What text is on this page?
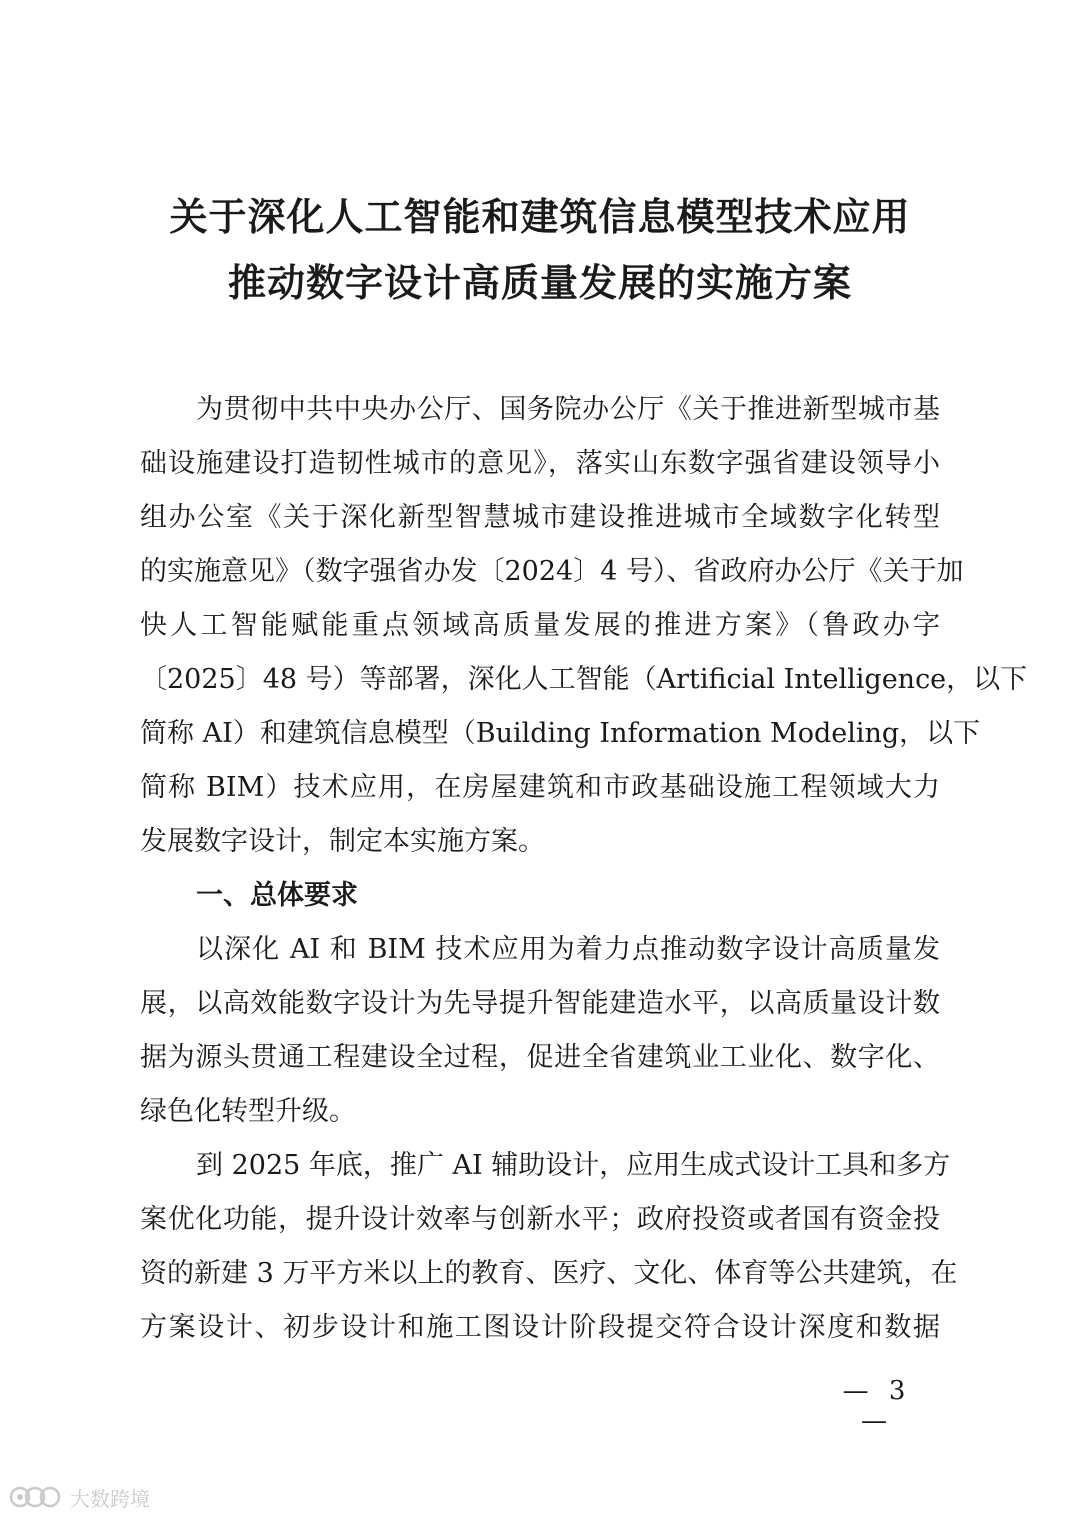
关于深化人工智能和建筑信息模型技术应用
推动数字设计高质量发展的实施方案
为贯彻中共中央办公厅、国务院办公厅《关于推进新型城市基
础设施建设打造韧性城市的意见》，落实山东数字强省建设领导小
组办公室《关于深化新型智慧城市建设推进城市全域数字化转型
的实施意见》（数字强省办发〔2024〕4 号）、省政府办公厅《关于加
快人工智能赋能重点领域高质量发展的推进方案》（鲁政办字
〔2025〕48 号）等部署，深化人工智能（Artificial Intelligence，以下
简称 AI）和建筑信息模型（Building Information Modeling，以下
简称 BIM）技术应用，在房屋建筑和市政基础设施工程领域大力
发展数字设计，制定本实施方案。
一、总体要求
以深化 AI 和 BIM 技术应用为着力点推动数字设计高质量发
展，以高效能数字设计为先导提升智能建造水平，以高质量设计数
据为源头贯通工程建设全过程，促进全省建筑业工业化、数字化、
绿色化转型升级。
到 2025 年底，推广 AI 辅助设计，应用生成式设计工具和多方
案优化功能，提升设计效率与创新水平；政府投资或者国有资金投
资的新建 3 万平方米以上的教育、医疗、文化、体育等公共建筑，在
方案设计、初步设计和施工图设计阶段提交符合设计深度和数据
— 3 —
大数跨境
